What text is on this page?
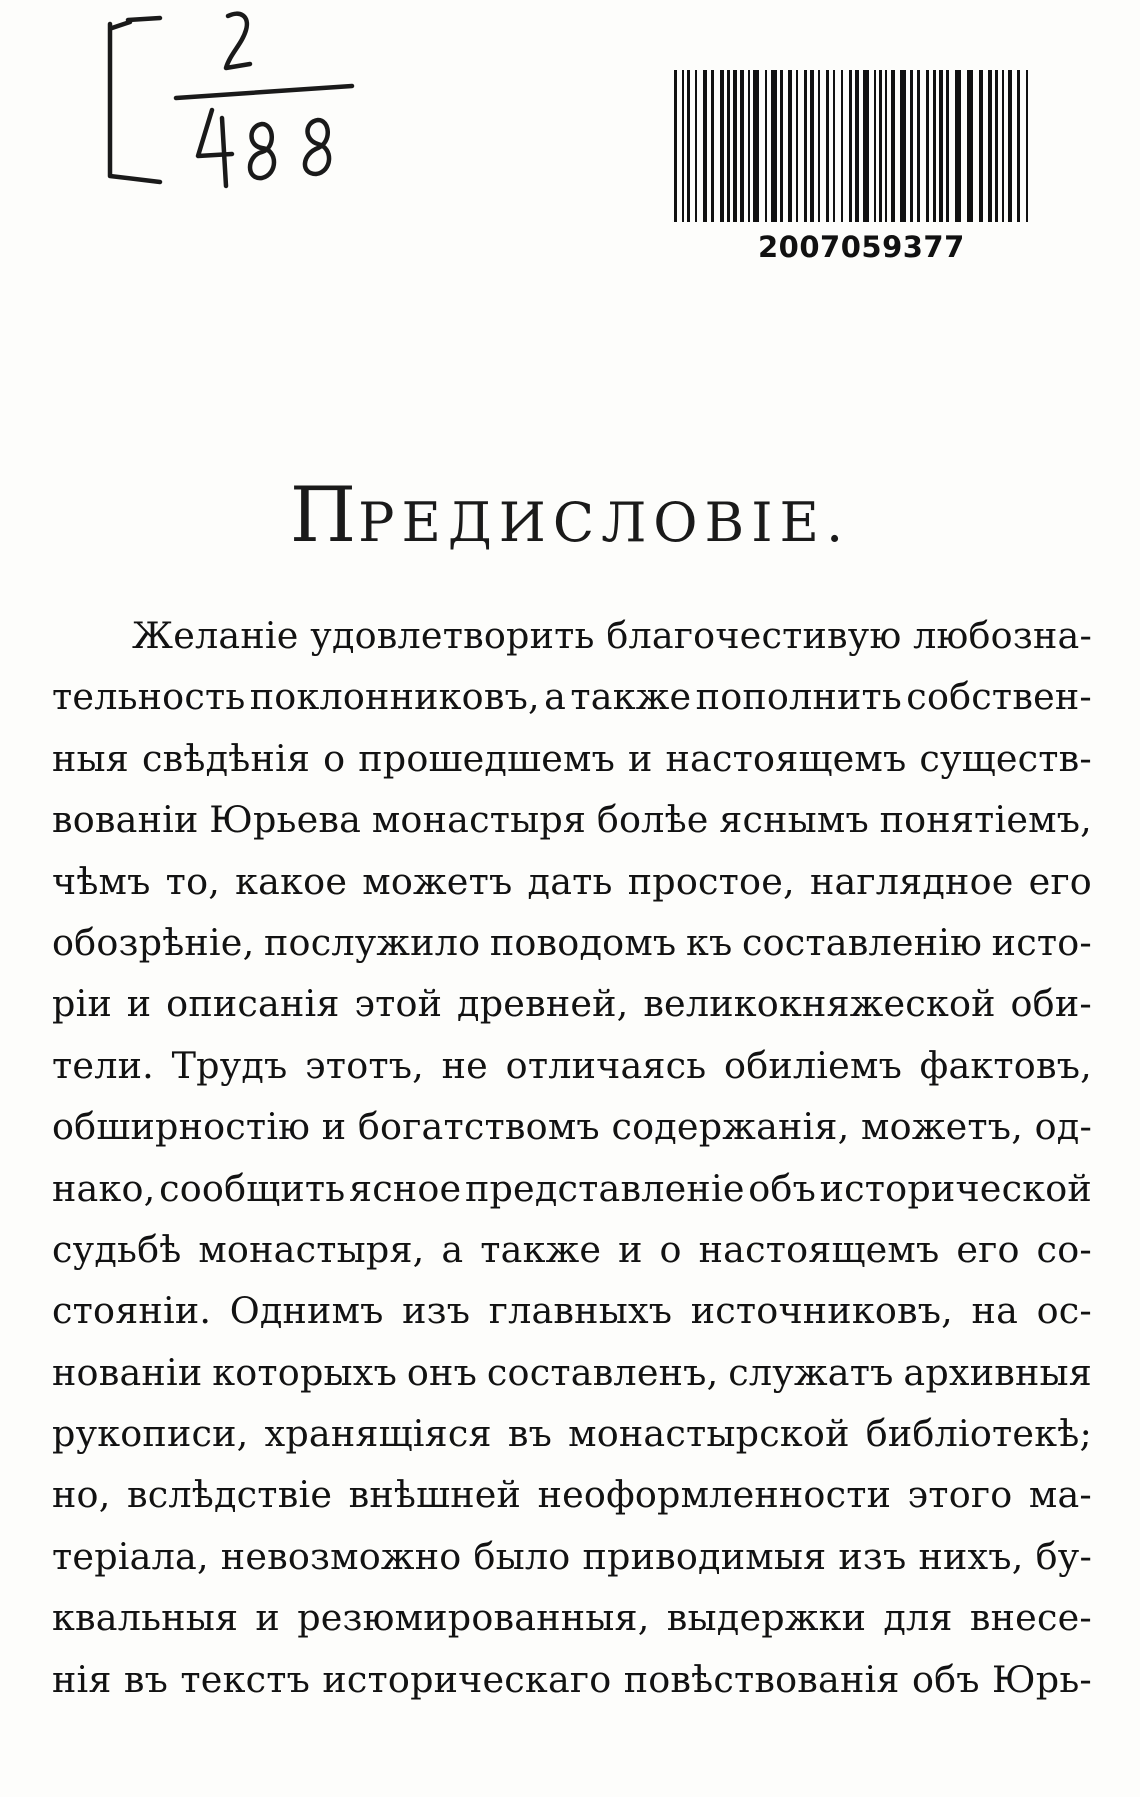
2007059377
ПРЕДИСЛОВІЕ.
Желаніе удовлетворить благочестивую любозна-
тельность поклонниковъ, а также пополнить собствен-
ныя свѣдѣнія о прошедшемъ и настоящемъ существ-
вованіи Юрьева монастыря болѣе яснымъ понятіемъ,
чѣмъ то, какое можетъ дать простое, наглядное его
обозрѣніе, послужило поводомъ къ составленію исто-
ріи и описанія этой древней, великокняжеской оби-
тели. Трудъ этотъ, не отличаясь обиліемъ фактовъ,
обширностію и богатствомъ содержанія, можетъ, од-
нако, сообщить ясное представленіе объ исторической
судьбѣ монастыря, а также и о настоящемъ его со-
стояніи. Однимъ изъ главныхъ источниковъ, на ос-
нованіи которыхъ онъ составленъ, служатъ архивныя
рукописи, хранящіяся въ монастырской библіотекѣ;
но, вслѣдствіе внѣшней неоформленности этого ма-
теріала, невозможно было приводимыя изъ нихъ, бу-
квальныя и резюмированныя, выдержки для внесе-
нія въ текстъ историческаго повѣствованія объ Юрь-
